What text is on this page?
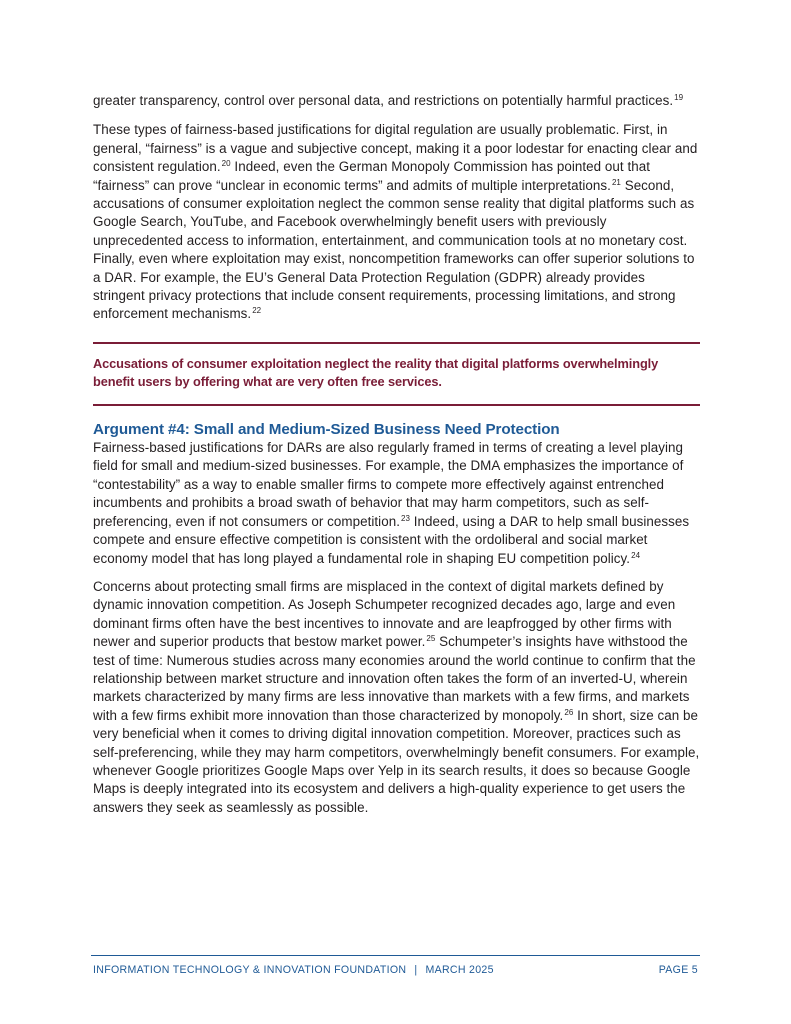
greater transparency, control over personal data, and restrictions on potentially harmful practices.$^{19}$

These types of fairness-based justifications for digital regulation are usually problematic. First, in general, “fairness” is a vague and subjective concept, making it a poor lodestar for enacting clear and consistent regulation.$^{20}$ Indeed, even the German Monopoly Commission has pointed out that “fairness” can prove “unclear in economic terms” and admits of multiple interpretations.$^{21}$ Second, accusations of consumer exploitation neglect the common sense reality that digital platforms such as Google Search, YouTube, and Facebook overwhelmingly benefit users with previously unprecedented access to information, entertainment, and communication tools at no monetary cost. Finally, even where exploitation may exist, noncompetition frameworks can offer superior solutions to a DAR. For example, the EU’s General Data Protection Regulation (GDPR) already provides stringent privacy protections that include consent requirements, processing limitations, and strong enforcement mechanisms.$^{22}$

Accusations of consumer exploitation neglect the reality that digital platforms overwhelmingly benefit users by offering what are very often free services.

Argument #4: Small and Medium-Sized Business Need Protection

Fairness-based justifications for DARs are also regularly framed in terms of creating a level playing field for small and medium-sized businesses. For example, the DMA emphasizes the importance of “contestability” as a way to enable smaller firms to compete more effectively against entrenched incumbents and prohibits a broad swath of behavior that may harm competitors, such as self-preferencing, even if not consumers or competition.$^{23}$ Indeed, using a DAR to help small businesses compete and ensure effective competition is consistent with the ordoliberal and social market economy model that has long played a fundamental role in shaping EU competition policy.$^{24}$

Concerns about protecting small firms are misplaced in the context of digital markets defined by dynamic innovation competition. As Joseph Schumpeter recognized decades ago, large and even dominant firms often have the best incentives to innovate and are leapfrogged by other firms with newer and superior products that bestow market power.$^{25}$ Schumpeter’s insights have withstood the test of time: Numerous studies across many economies around the world continue to confirm that the relationship between market structure and innovation often takes the form of an inverted-U, wherein markets characterized by many firms are less innovative than markets with a few firms, and markets with a few firms exhibit more innovation than those characterized by monopoly.$^{26}$ In short, size can be very beneficial when it comes to driving digital innovation competition. Moreover, practices such as self-preferencing, while they may harm competitors, overwhelmingly benefit consumers. For example, whenever Google prioritizes Google Maps over Yelp in its search results, it does so because Google Maps is deeply integrated into its ecosystem and delivers a high-quality experience to get users the answers they seek as seamlessly as possible.

INFORMATION TECHNOLOGY & INNOVATION FOUNDATION | MARCH 2025	PAGE 5
